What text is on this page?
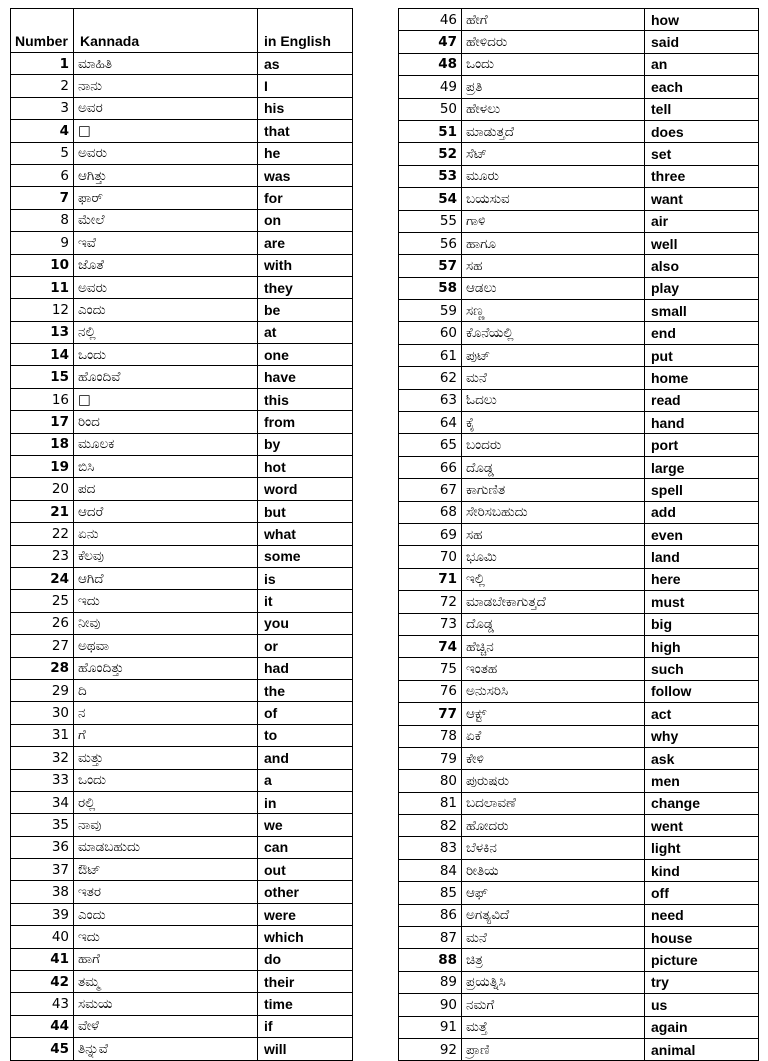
Number	Kannada	in English
1	ಮಾಹಿತಿ	as
2	ನಾನು	I
3	ಅವರ	his
4	□	that
5	ಅವರು	he
6	ಆಗಿತ್ತು	was
7	ಫಾರ್	for
8	ಮೇಲೆ	on
9	ಇವೆ	are
10	ಜೊತೆ	with
11	ಅವರು	they
12	ಎಂದು	be
13	ನಲ್ಲಿ	at
14	ಒಂದು	one
15	ಹೊಂದಿವೆ	have
16	□	this
17	ರಿಂದ	from
18	ಮೂಲಕ	by
19	ಬಿಸಿ	hot
20	ಪದ	word
21	ಆದರೆ	but
22	ಏನು	what
23	ಕೆಲವು	some
24	ಆಗಿದೆ	is
25	ಇದು	it
26	ನೀವು	you
27	ಅಥವಾ	or
28	ಹೊಂದಿತ್ತು	had
29	ದಿ	the
30	ನ	of
31	ಗೆ	to
32	ಮತ್ತು	and
33	ಒಂದು	a
34	ರಲ್ಲಿ	in
35	ನಾವು	we
36	ಮಾಡಬಹುದು	can
37	ಔಟ್	out
38	ಇತರ	other
39	ಎಂದು	were
40	ಇದು	which
41	ಹಾಗೆ	do
42	ತಮ್ಮ	their
43	ಸಮಯ	time
44	ವೇಳೆ	if
45	ತಿನ್ನುವೆ	will
46	ಹೇಗೆ	how
47	ಹೇಳಿದರು	said
48	ಒಂದು	an
49	ಪ್ರತಿ	each
50	ಹೇಳಲು	tell
51	ಮಾಡುತ್ತದೆ	does
52	ಸೆಟ್	set
53	ಮೂರು	three
54	ಬಯಸುವ	want
55	ಗಾಳಿ	air
56	ಹಾಗೂ	well
57	ಸಹ	also
58	ಆಡಲು	play
59	ಸಣ್ಣ	small
60	ಕೊನೆಯಲ್ಲಿ	end
61	ಪುಟ್	put
62	ಮನೆ	home
63	ಓದಲು	read
64	ಕೈ	hand
65	ಬಂದರು	port
66	ದೊಡ್ಡ	large
67	ಕಾಗುಣಿತ	spell
68	ಸೇರಿಸಬಹುದು	add
69	ಸಹ	even
70	ಭೂಮಿ	land
71	ಇಲ್ಲಿ	here
72	ಮಾಡಬೇಕಾಗುತ್ತದೆ	must
73	ದೊಡ್ಡ	big
74	ಹೆಚ್ಚಿನ	high
75	ಇಂತಹ	such
76	ಅನುಸರಿಸಿ	follow
77	ಆಕ್ಟ್	act
78	ಏಕೆ	why
79	ಕೇಳಿ	ask
80	ಪುರುಷರು	men
81	ಬದಲಾವಣೆ	change
82	ಹೋದರು	went
83	ಬೆಳಕಿನ	light
84	ರೀತಿಯ	kind
85	ಆಫ್	off
86	ಅಗತ್ಯವಿದೆ	need
87	ಮನೆ	house
88	ಚಿತ್ರ	picture
89	ಪ್ರಯತ್ನಿಸಿ	try
90	ನಮಗೆ	us
91	ಮತ್ತೆ	again
92	ಪ್ರಾಣಿ	animal
